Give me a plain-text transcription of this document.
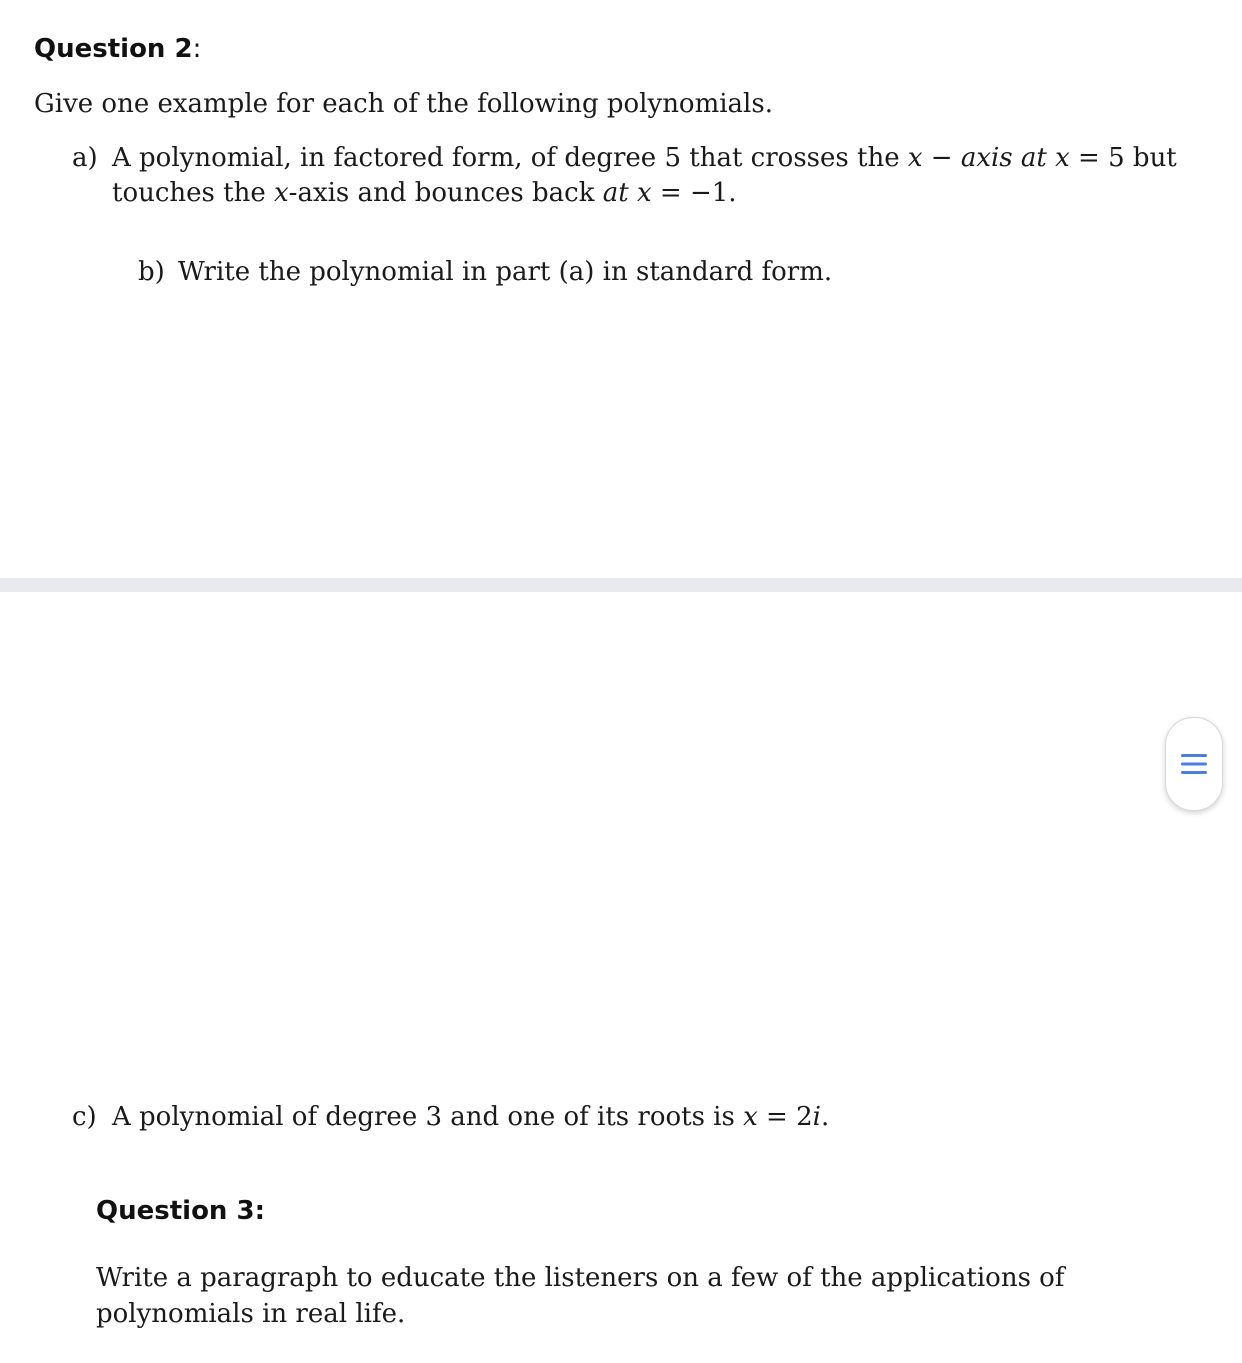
Question 2:

Give one example for each of the following polynomials.

a) A polynomial, in factored form, of degree 5 that crosses the x − axis at x = 5 but

touches the x-axis and bounces back at x = −1.

b) Write the polynomial in part (a) in standard form.

c) A polynomial of degree 3 and one of its roots is x = 2i.

Question 3:

Write a paragraph to educate the listeners on a few of the applications of

polynomials in real life.
